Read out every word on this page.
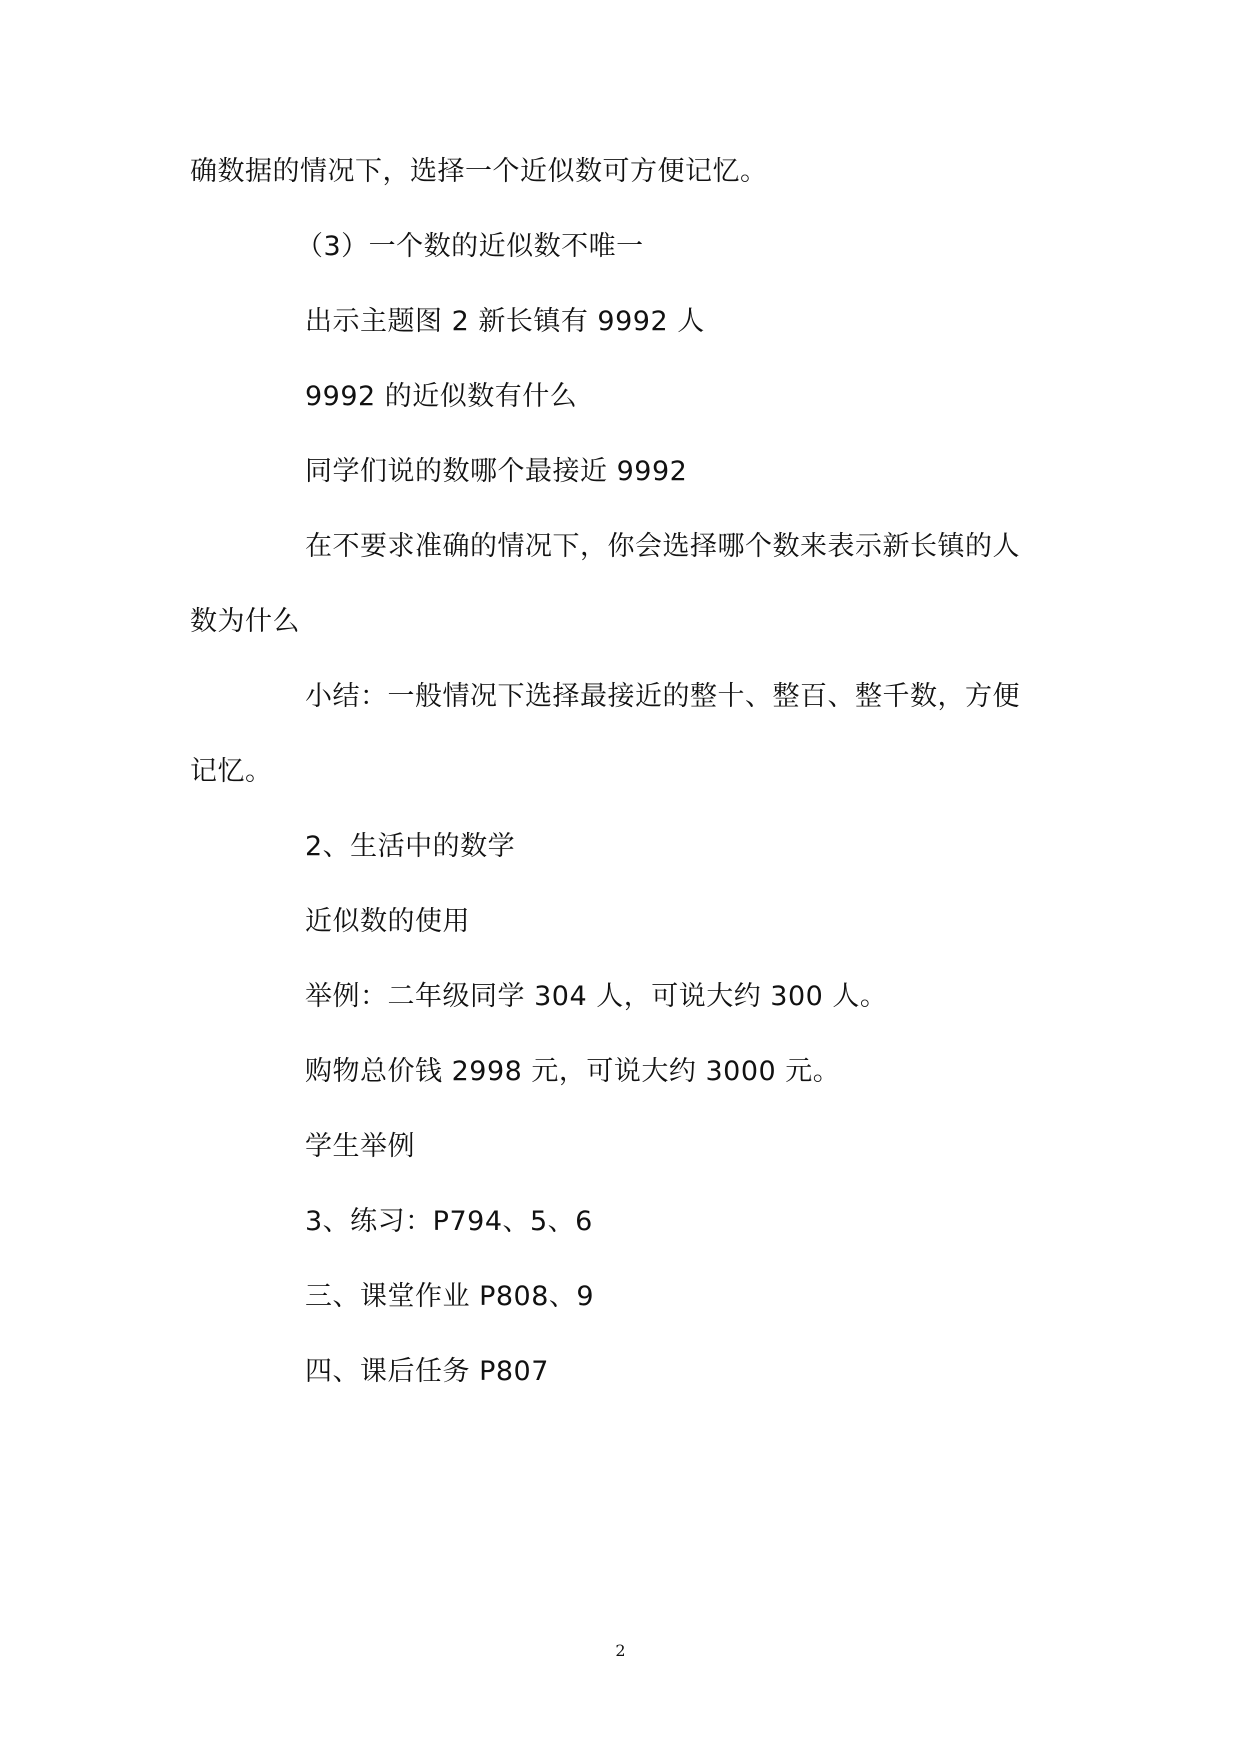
确数据的情况下，选择一个近似数可方便记忆。
（3）一个数的近似数不唯一
出示主题图 2 新长镇有 9992 人
9992 的近似数有什么
同学们说的数哪个最接近 9992
在不要求准确的情况下，你会选择哪个数来表示新长镇的人
数为什么
小结：一般情况下选择最接近的整十、整百、整千数，方便
记忆。
2、生活中的数学
近似数的使用
举例：二年级同学 304 人，可说大约 300 人。
购物总价钱 2998 元，可说大约 3000 元。
学生举例
3、练习：P794、5、6
三、课堂作业 P808、9
四、课后任务 P807
2
